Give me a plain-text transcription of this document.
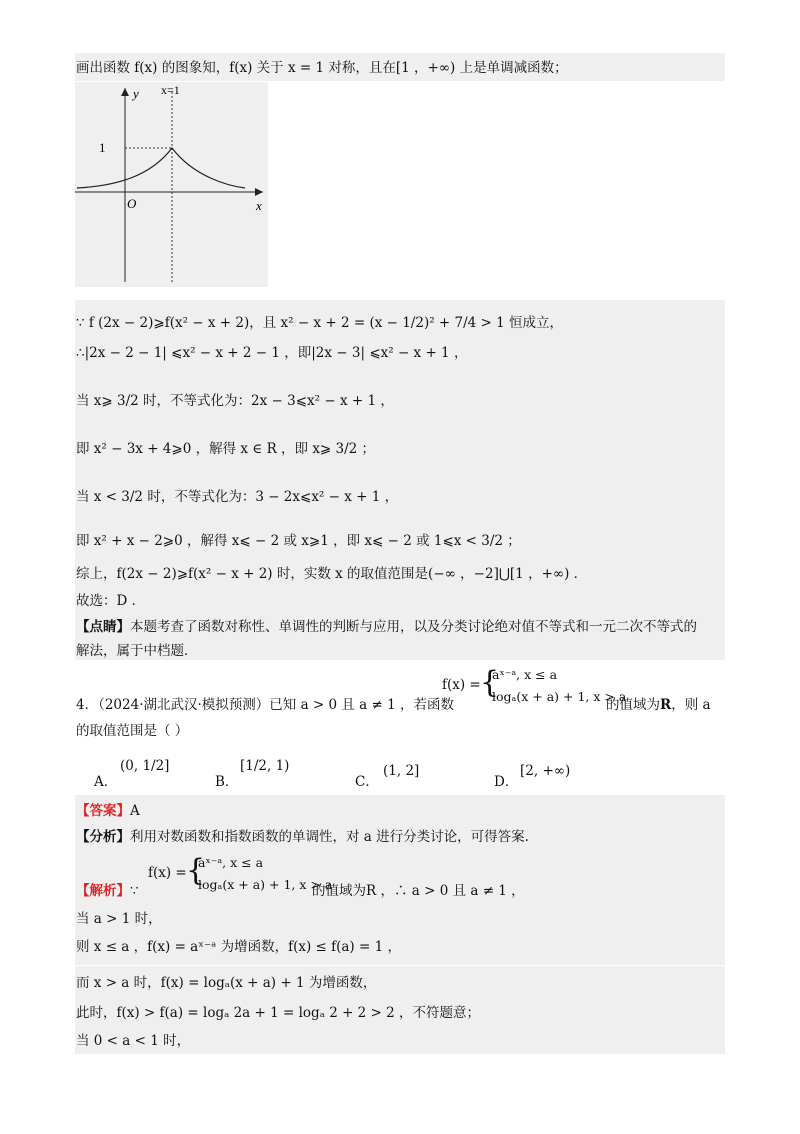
画出函数 f(x) 的图象知，f(x) 关于 x = 1 对称，且在[1 ，+∞) 上是单调减函数；
y
x
O
x=1
1
∵ f (2x − 2)⩾f(x² − x + 2)，且 x² − x + 2 = (x − 1/2)² + 7/4 > 1 恒成立，
∴|2x − 2 − 1| ⩽x² − x + 2 − 1 ，即|2x − 3| ⩽x² − x + 1 ，
当 x⩾ 3/2 时，不等式化为：2x − 3⩽x² − x + 1 ，
即 x² − 3x + 4⩾0 ，解得 x ∈ R ，即 x⩾ 3/2 ；
当 x < 3/2 时，不等式化为：3 − 2x⩽x² − x + 1 ，
即 x² + x − 2⩾0 ，解得 x⩽ − 2 或 x⩾1 ，即 x⩽ − 2 或 1⩽x < 3/2 ；
综上，f(2x − 2)⩾f(x² − x + 2) 时，实数 x 的取值范围是(−∞ ，−2]⋃[1 ，+∞) ．
故选：D ．
【点睛】本题考查了函数对称性、单调性的判断与应用，以及分类讨论绝对值不等式和一元二次不等式的
解法，属于中档题．
4．（2024·湖北武汉·模拟预测）已知 a > 0 且 a ≠ 1 ，若函数
f(x) = {
aˣ⁻ᵃ, x ≤ a
logₐ(x + a) + 1, x > a
的值域为R，则 a
的取值范围是（ ）
A．
(0, 1/2]
B．
[1/2, 1)
C．
(1, 2]
D．
[2, +∞)
【答案】A
【分析】利用对数函数和指数函数的单调性，对 a 进行分类讨论，可得答案.
【解析】∵
f(x) = {
aˣ⁻ᵃ, x ≤ a
logₐ(x + a) + 1, x > a
的值域为R ，∴ a > 0 且 a ≠ 1 ，
当 a > 1 时，
则 x ≤ a ，f(x) = aˣ⁻ᵃ 为增函数，f(x) ≤ f(a) = 1 ，
而 x > a 时，f(x) = logₐ(x + a) + 1 为增函数，
此时，f(x) > f(a) = logₐ 2a + 1 = logₐ 2 + 2 > 2 ，不符题意；
当 0 < a < 1 时，
